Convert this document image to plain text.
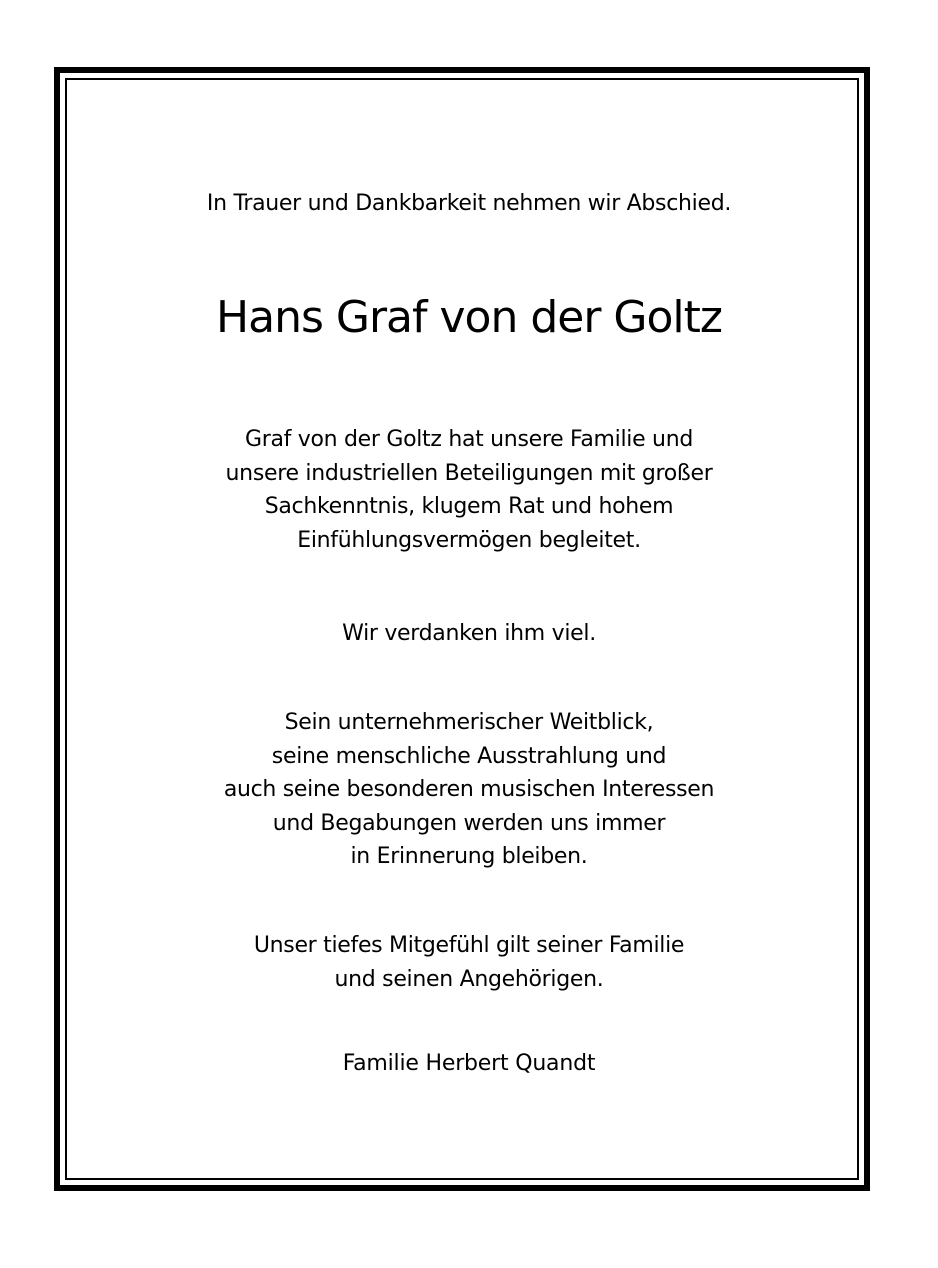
In Trauer und Dankbarkeit nehmen wir Abschied.
Hans Graf von der Goltz
Graf von der Goltz hat unsere Familie und
unsere industriellen Beteiligungen mit großer
Sachkenntnis, klugem Rat und hohem
Einfühlungsvermögen begleitet.
Wir verdanken ihm viel.
Sein unternehmerischer Weitblick,
seine menschliche Ausstrahlung und
auch seine besonderen musischen Interessen
und Begabungen werden uns immer
in Erinnerung bleiben.
Unser tiefes Mitgefühl gilt seiner Familie
und seinen Angehörigen.
Familie Herbert Quandt
